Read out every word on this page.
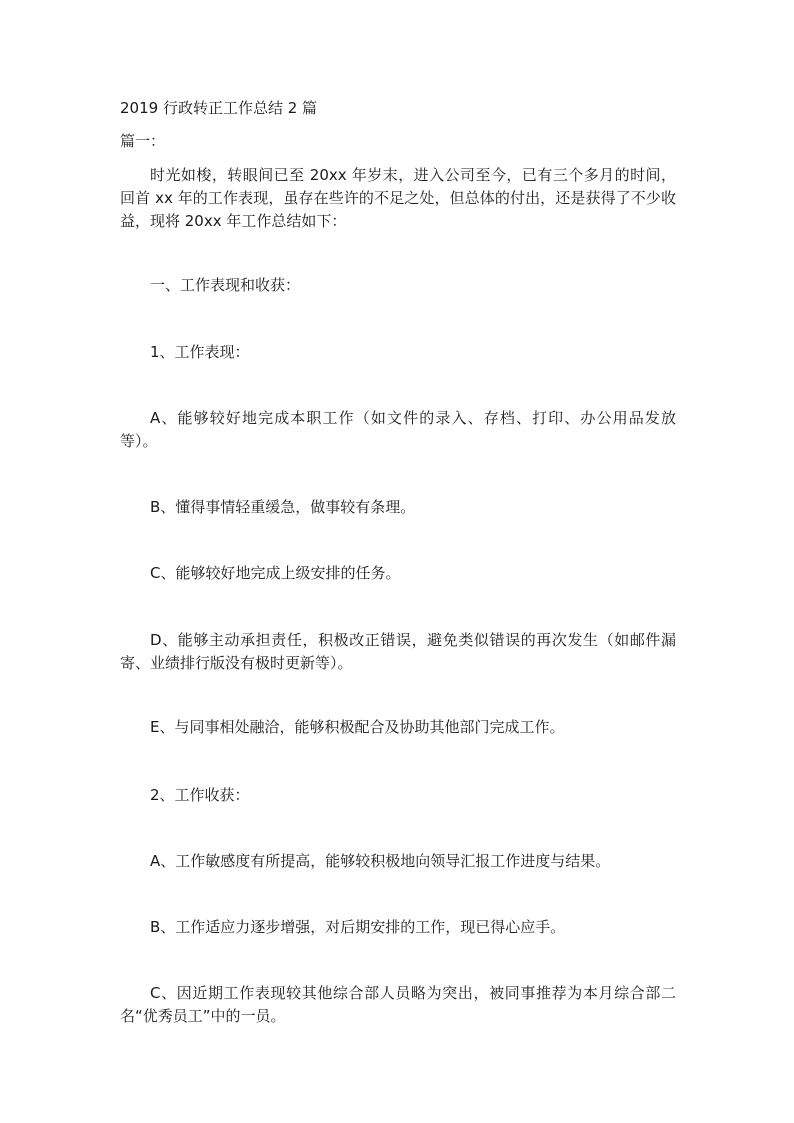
2019 行政转正工作总结 2 篇

篇一：

时光如梭，转眼间已至 20xx 年岁末，进入公司至今，已有三个多月的时间，回首 xx 年的工作表现，虽存在些许的不足之处，但总体的付出，还是获得了不少收益，现将 20xx 年工作总结如下：

一、工作表现和收获：

1、工作表现：

A、能够较好地完成本职工作（如文件的录入、存档、打印、办公用品发放等）。

B、懂得事情轻重缓急，做事较有条理。

C、能够较好地完成上级安排的任务。

D、能够主动承担责任，积极改正错误，避免类似错误的再次发生（如邮件漏寄、业绩排行版没有极时更新等）。

E、与同事相处融洽，能够积极配合及协助其他部门完成工作。

2、工作收获：

A、工作敏感度有所提高，能够较积极地向领导汇报工作进度与结果。

B、工作适应力逐步增强，对后期安排的工作，现已得心应手。

C、因近期工作表现较其他综合部人员略为突出，被同事推荐为本月综合部二名“优秀员工”中的一员。
